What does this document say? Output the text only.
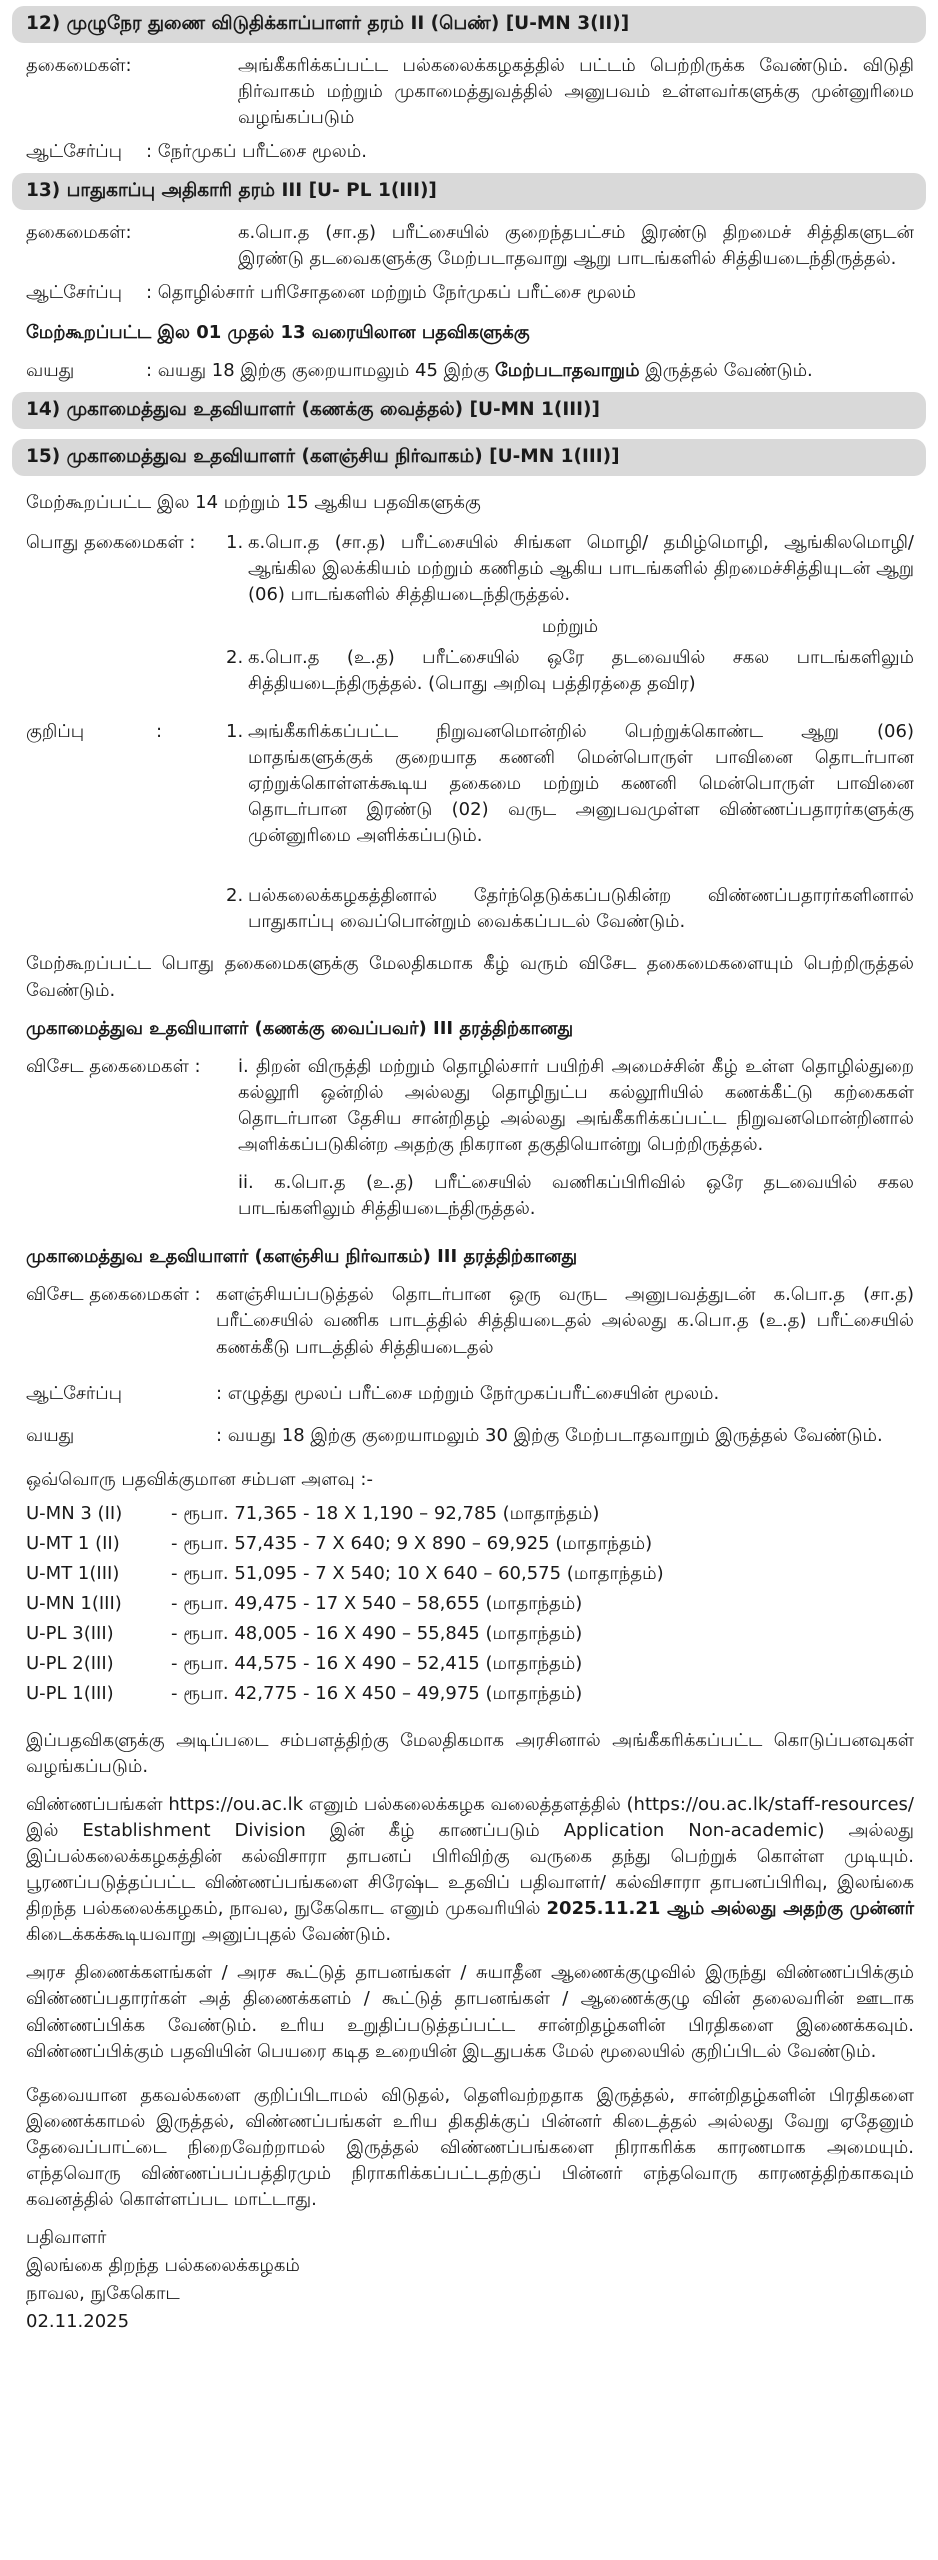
12) முழுநேர துணை விடுதிக்காப்பாளர் தரம் II (பெண்) [U-MN 3(II)]
தகைமைகள்:	அங்கீகரிக்கப்பட்ட பல்கலைக்கழகத்தில் பட்டம் பெற்றிருக்க வேண்டும். விடுதி நிர்வாகம் மற்றும் முகாமைத்துவத்தில் அனுபவம் உள்ளவர்களுக்கு முன்னுரிமை வழங்கப்படும்
ஆட்சேர்ப்பு	: நேர்முகப் பரீட்சை மூலம்.
13) பாதுகாப்பு அதிகாரி தரம் III [U- PL 1(III)]
தகைமைகள்:	க.பொ.த (சா.த) பரீட்சையில் குறைந்தபட்சம் இரண்டு திறமைச் சித்திகளுடன் இரண்டு தடவைகளுக்கு மேற்படாதவாறு ஆறு பாடங்களில் சித்தியடைந்திருத்தல்.
ஆட்சேர்ப்பு	: தொழில்சார் பரிசோதனை மற்றும் நேர்முகப் பரீட்சை மூலம்

மேற்கூறப்பட்ட இல 01 முதல் 13 வரையிலான பதவிகளுக்கு

வயது	: வயது 18 இற்கு குறையாமலும் 45 இற்கு மேற்படாதவாறும் இருத்தல் வேண்டும்.
14) முகாமைத்துவ உதவியாளர் (கணக்கு வைத்தல்) [U-MN 1(III)]
15) முகாமைத்துவ உதவியாளர் (களஞ்சிய நிர்வாகம்) [U-MN 1(III)]

மேற்கூறப்பட்ட இல 14 மற்றும் 15 ஆகிய பதவிகளுக்கு

பொது தகைமைகள் :	1. க.பொ.த (சா.த) பரீட்சையில் சிங்கள மொழி/ தமிழ்மொழி, ஆங்கிலமொழி/ ஆங்கில இலக்கியம் மற்றும் கணிதம் ஆகிய பாடங்களில் திறமைச்சித்தியுடன் ஆறு (06) பாடங்களில் சித்தியடைந்திருத்தல்.
மற்றும்
2. க.பொ.த (உ.த) பரீட்சையில் ஒரே தடவையில் சகல பாடங்களிலும் சித்தியடைந்திருத்தல். (பொது அறிவு பத்திரத்தை தவிர)
குறிப்பு	:	1. அங்கீகரிக்கப்பட்ட நிறுவனமொன்றில் பெற்றுக்கொண்ட ஆறு (06) மாதங்களுக்குக் குறையாத கணனி மென்பொருள் பாவினை தொடர்பான ஏற்றுக்கொள்ளக்கூடிய தகைமை மற்றும் கணனி மென்பொருள் பாவினை தொடர்பான இரண்டு (02) வருட அனுபவமுள்ள விண்ணப்பதாரர்களுக்கு முன்னுரிமை அளிக்கப்படும்.
2. பல்கலைக்கழகத்தினால் தேர்ந்தெடுக்கப்படுகின்ற விண்ணப்பதாரர்களினால் பாதுகாப்பு வைப்பொன்றும் வைக்கப்படல் வேண்டும்.

மேற்கூறப்பட்ட பொது தகைமைகளுக்கு மேலதிகமாக கீழ் வரும் விசேட தகைமைகளையும் பெற்றிருத்தல் வேண்டும்.

முகாமைத்துவ உதவியாளர் (கணக்கு வைப்பவர்) III தரத்திற்கானது

விசேட தகைமைகள் :
	i. திறன் விருத்தி மற்றும் தொழில்சார் பயிற்சி அமைச்சின் கீழ் உள்ள தொழில்துறை கல்லூரி ஒன்றில் அல்லது தொழிநுட்ப கல்லூரியில் கணக்கீட்டு கற்கைகள் தொடர்பான தேசிய சான்றிதழ் அல்லது அங்கீகரிக்கப்பட்ட நிறுவனமொன்றினால் அளிக்கப்படுகின்ற அதற்கு நிகரான தகுதியொன்று பெற்றிருத்தல்.

ii. க.பொ.த (உ.த) பரீட்சையில் வணிகப்பிரிவில் ஒரே தடவையில் சகல பாடங்களிலும் சித்தியடைந்திருத்தல்.

முகாமைத்துவ உதவியாளர் (களஞ்சிய நிர்வாகம்) III தரத்திற்கானது

விசேட தகைமைகள் : களஞ்சியப்படுத்தல் தொடர்பான ஒரு வருட அனுபவத்துடன் க.பொ.த (சா.த) பரீட்சையில் வணிக பாடத்தில் சித்தியடைதல் அல்லது க.பொ.த (உ.த) பரீட்சையில் கணக்கீடு பாடத்தில் சித்தியடைதல்
ஆட்சேர்ப்பு	: எழுத்து மூலப் பரீட்சை மற்றும் நேர்முகப்பரீட்சையின் மூலம்.
வயது	: வயது 18 இற்கு குறையாமலும் 30 இற்கு மேற்படாதவாறும் இருத்தல் வேண்டும்.

ஒவ்வொரு பதவிக்குமான சம்பள அளவு :-

U-MN 3 (II)	- ரூபா. 71,365 - 18 X 1,190 – 92,785 (மாதாந்தம்)
U-MT 1 (II)	- ரூபா. 57,435 - 7 X 640; 9 X 890 – 69,925 (மாதாந்தம்)
U-MT 1(III)	- ரூபா. 51,095 - 7 X 540; 10 X 640 – 60,575 (மாதாந்தம்)
U-MN 1(III)	- ரூபா. 49,475 - 17 X 540 – 58,655 (மாதாந்தம்)
U-PL 3(III)	- ரூபா. 48,005 - 16 X 490 – 55,845 (மாதாந்தம்)
U-PL 2(III)	- ரூபா. 44,575 - 16 X 490 – 52,415 (மாதாந்தம்)
U-PL 1(III)	- ரூபா. 42,775 - 16 X 450 – 49,975 (மாதாந்தம்)

இப்பதவிகளுக்கு அடிப்படை சம்பளத்திற்கு மேலதிகமாக அரசினால் அங்கீகரிக்கப்பட்ட கொடுப்பனவுகள் வழங்கப்படும்.

விண்ணப்பங்கள் https://ou.ac.lk எனும் பல்கலைக்கழக வலைத்தளத்தில் (https://ou.ac.lk/staff-resources/ இல் Establishment Division இன் கீழ் காணப்படும் Application Non-academic) அல்லது இப்பல்கலைக்கழகத்தின் கல்விசாரா தாபனப் பிரிவிற்கு வருகை தந்து பெற்றுக் கொள்ள முடியும். பூரணப்படுத்தப்பட்ட விண்ணப்பங்களை சிரேஷ்ட உதவிப் பதிவாளர்/ கல்விசாரா தாபனப்பிரிவு, இலங்கை திறந்த பல்கலைக்கழகம், நாவல, நுகேகொட எனும் முகவரியில் 2025.11.21 ஆம் அல்லது அதற்கு முன்னர் கிடைக்கக்கூடியவாறு அனுப்புதல் வேண்டும்.

அரச திணைக்களங்கள் / அரச கூட்டுத் தாபனங்கள் / சுயாதீன ஆணைக்குழுவில் இருந்து விண்ணப்பிக்கும் விண்ணப்பதாரர்கள் அத் திணைக்களம் / கூட்டுத் தாபனங்கள் / ஆணைக்குழு வின் தலைவரின் ஊடாக விண்ணப்பிக்க வேண்டும். உரிய உறுதிப்படுத்தப்பட்ட சான்றிதழ்களின் பிரதிகளை இணைக்கவும். விண்ணப்பிக்கும் பதவியின் பெயரை கடித உறையின் இடதுபக்க மேல் மூலையில் குறிப்பிடல் வேண்டும்.

தேவையான தகவல்களை குறிப்பிடாமல் விடுதல், தெளிவற்றதாக இருத்தல், சான்றிதழ்களின் பிரதிகளை இணைக்காமல் இருத்தல், விண்ணப்பங்கள் உரிய திகதிக்குப் பின்னர் கிடைத்தல் அல்லது வேறு ஏதேனும் தேவைப்பாட்டை நிறைவேற்றாமல் இருத்தல் விண்ணப்பங்களை நிராகரிக்க காரணமாக அமையும். எந்தவொரு விண்ணப்பப்பத்திரமும் நிராகரிக்கப்பட்டதற்குப் பின்னர் எந்தவொரு காரணத்திற்காகவும் கவனத்தில் கொள்ளப்பட மாட்டாது.

பதிவாளர்

இலங்கை திறந்த பல்கலைக்கழகம்

நாவல, நுகேகொட

02.11.2025
